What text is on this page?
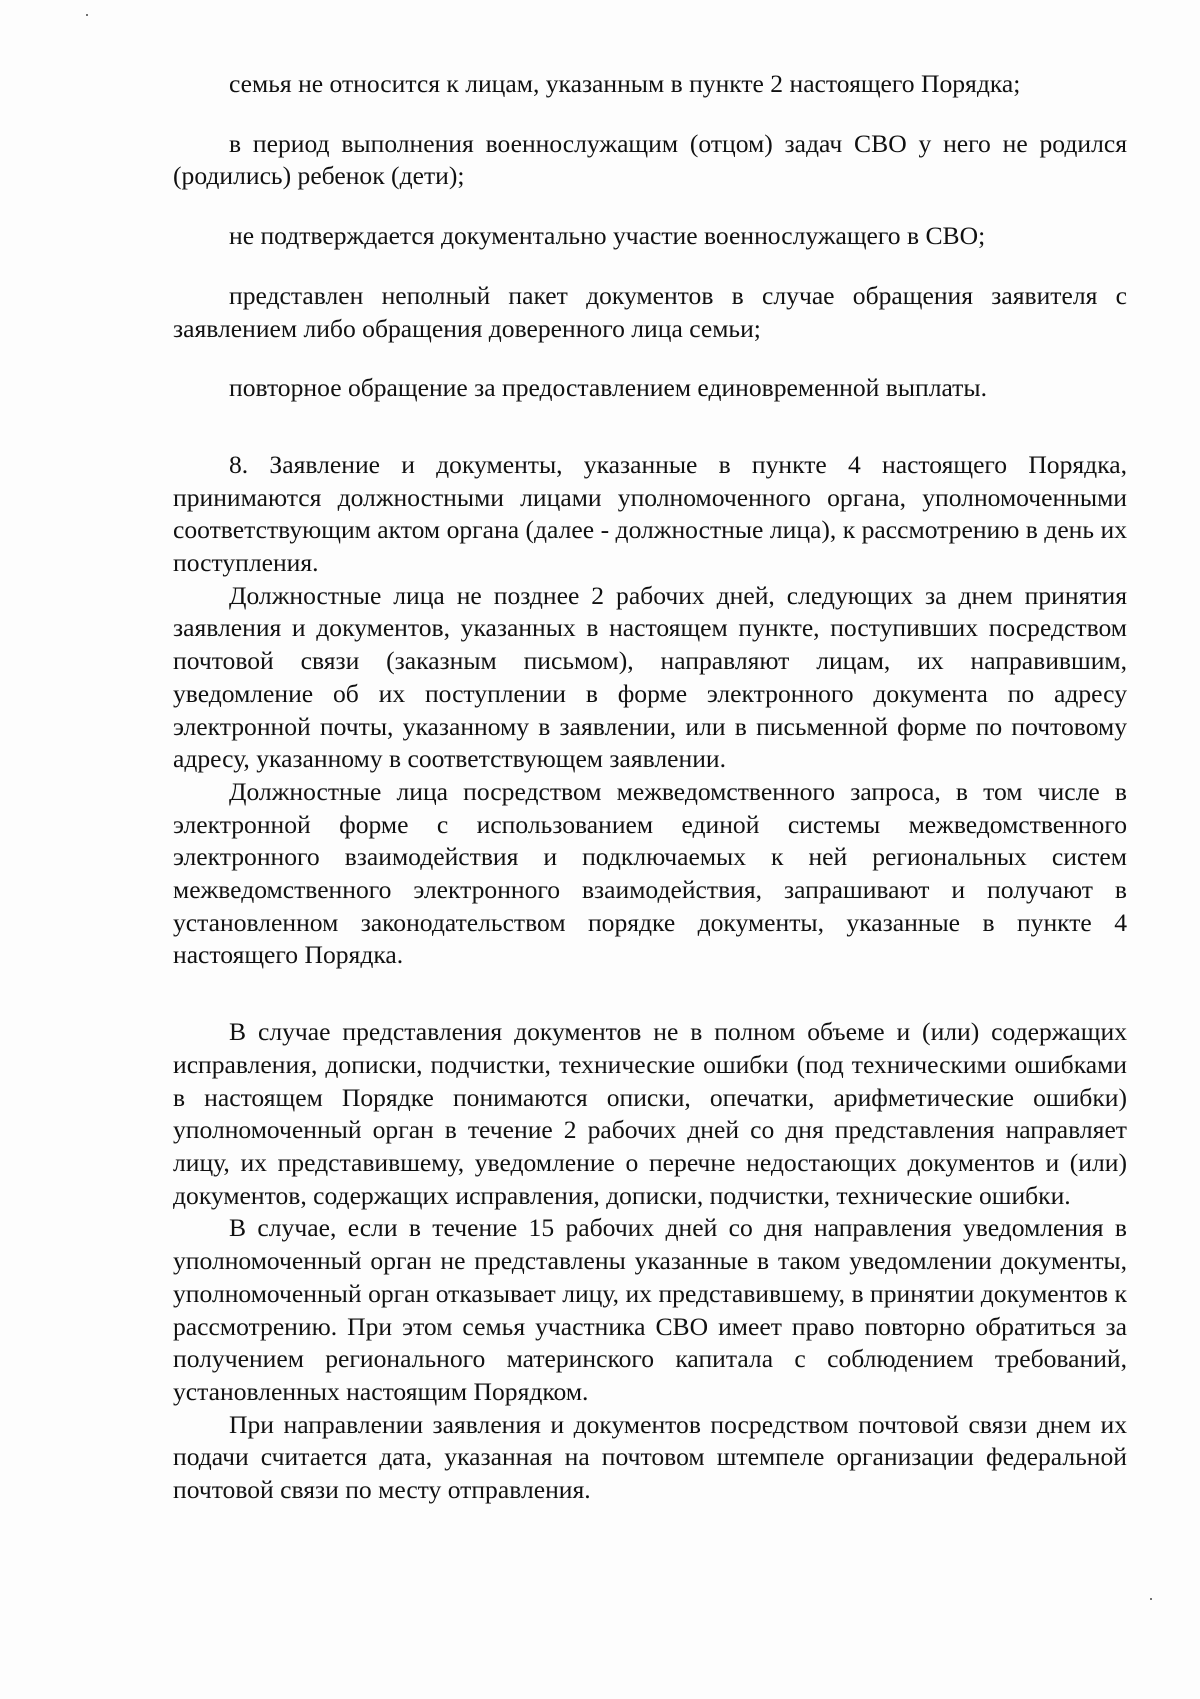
семья не относится к лицам, указанным в пункте 2 настоящего Порядка;

в период выполнения военнослужащим (отцом) задач СВО у него не родился (родились) ребенок (дети);

не подтверждается документально участие военнослужащего в СВО;

представлен неполный пакет документов в случае обращения заявителя с заявлением либо обращения доверенного лица семьи;

повторное обращение за предоставлением единовременной выплаты.

8. Заявление и документы, указанные в пункте 4 настоящего Порядка, принимаются должностными лицами уполномоченного органа, уполномоченными соответствующим актом органа (далее - должностные лица), к рассмотрению в день их поступления.

Должностные лица не позднее 2 рабочих дней, следующих за днем принятия заявления и документов, указанных в настоящем пункте, поступивших посредством почтовой связи (заказным письмом), направляют лицам, их направившим, уведомление об их поступлении в форме электронного документа по адресу электронной почты, указанному в заявлении, или в письменной форме по почтовому адресу, указанному в соответствующем заявлении.

Должностные лица посредством межведомственного запроса, в том числе в электронной форме с использованием единой системы межведомственного электронного взаимодействия и подключаемых к ней региональных систем межведомственного электронного взаимодействия, запрашивают и получают в установленном законодательством порядке документы, указанные в пункте 4 настоящего Порядка.

В случае представления документов не в полном объеме и (или) содержащих исправления, дописки, подчистки, технические ошибки (под техническими ошибками в настоящем Порядке понимаются описки, опечатки, арифметические ошибки) уполномоченный орган в течение 2 рабочих дней со дня представления направляет лицу, их представившему, уведомление о перечне недостающих документов и (или) документов, содержащих исправления, дописки, подчистки, технические ошибки.

В случае, если в течение 15 рабочих дней со дня направления уведомления в уполномоченный орган не представлены указанные в таком уведомлении документы, уполномоченный орган отказывает лицу, их представившему, в принятии документов к рассмотрению. При этом семья участника СВО имеет право повторно обратиться за получением регионального материнского капитала с соблюдением требований, установленных настоящим Порядком.

При направлении заявления и документов посредством почтовой связи днем их подачи считается дата, указанная на почтовом штемпеле организации федеральной почтовой связи по месту отправления.
